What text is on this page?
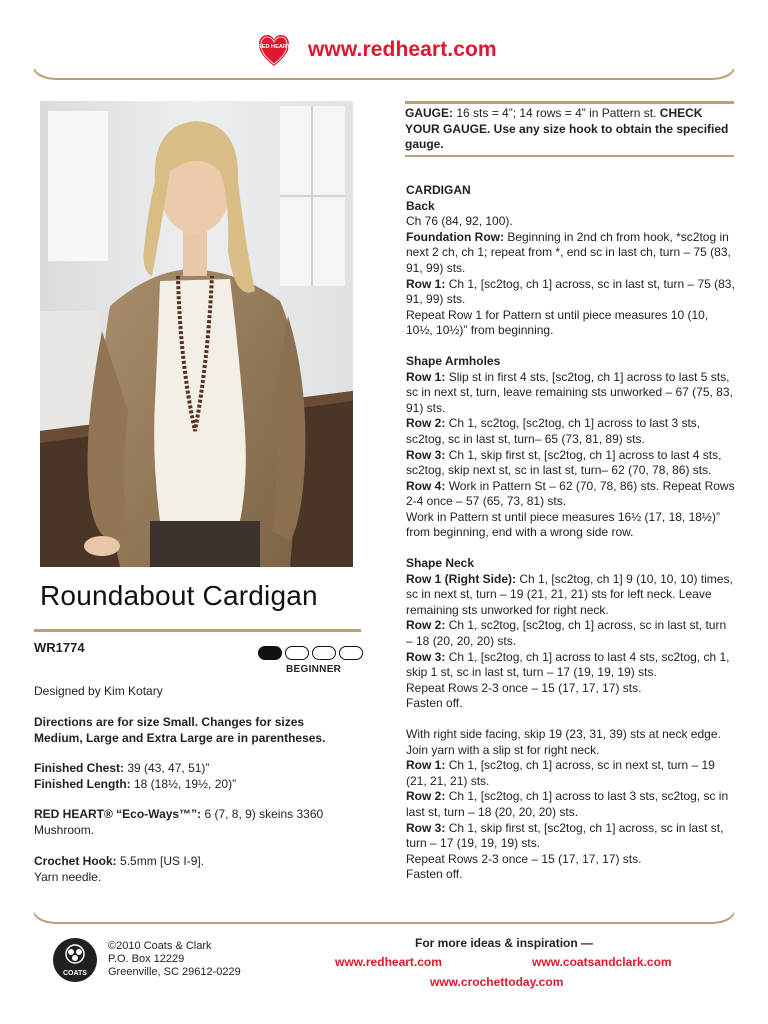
RED HEART www.redheart.com
Roundabout Cardigan
WR1774
BEGINNER
Designed by Kim Kotary
Directions are for size Small. Changes for sizes Medium, Large and Extra Large are in parentheses.
Finished Chest: 39 (43, 47, 51)”
Finished Length: 18 (18½, 19½, 20)”
RED HEART® “Eco-Ways™”: 6 (7, 8, 9) skeins 3360 Mushroom.
Crochet Hook: 5.5mm [US I-9].
Yarn needle.
GAUGE: 16 sts = 4”; 14 rows = 4” in Pattern st. CHECK YOUR GAUGE. Use any size hook to obtain the specified gauge.
CARDIGAN
Back
Ch 76 (84, 92, 100).
Foundation Row: Beginning in 2nd ch from hook, *sc2tog in next 2 ch, ch 1; repeat from *, end sc in last ch, turn – 75 (83, 91, 99) sts.
Row 1: Ch 1, [sc2tog, ch 1] across, sc in last st, turn – 75 (83, 91, 99) sts.
Repeat Row 1 for Pattern st until piece measures 10 (10, 10½, 10½)” from beginning.
Shape Armholes
Row 1: Slip st in first 4 sts, [sc2tog, ch 1] across to last 5 sts, sc in next st, turn, leave remaining sts unworked – 67 (75, 83, 91) sts.
Row 2: Ch 1, sc2tog, [sc2tog, ch 1] across to last 3 sts, sc2tog, sc in last st, turn– 65 (73, 81, 89) sts.
Row 3: Ch 1, skip first st, [sc2tog, ch 1] across to last 4 sts, sc2tog, skip next st, sc in last st, turn– 62 (70, 78, 86) sts.
Row 4: Work in Pattern St – 62 (70, 78, 86) sts. Repeat Rows 2-4 once – 57 (65, 73, 81) sts.
Work in Pattern st until piece measures 16½ (17, 18, 18½)” from beginning, end with a wrong side row.
Shape Neck
Row 1 (Right Side): Ch 1, [sc2tog, ch 1] 9 (10, 10, 10) times, sc in next st, turn – 19 (21, 21, 21) sts for left neck. Leave remaining sts unworked for right neck.
Row 2: Ch 1, sc2tog, [sc2tog, ch 1] across, sc in last st, turn – 18 (20, 20, 20) sts.
Row 3: Ch 1, [sc2tog, ch 1] across to last 4 sts, sc2tog, ch 1, skip 1 st, sc in last st, turn – 17 (19, 19, 19) sts.
Repeat Rows 2-3 once – 15 (17, 17, 17) sts.
Fasten off.
With right side facing, skip 19 (23, 31, 39) sts at neck edge. Join yarn with a slip st for right neck.
Row 1: Ch 1, [sc2tog, ch 1] across, sc in next st, turn – 19 (21, 21, 21) sts.
Row 2: Ch 1, [sc2tog, ch 1] across to last 3 sts, sc2tog, sc in last st, turn – 18 (20, 20, 20) sts.
Row 3: Ch 1, skip first st, [sc2tog, ch 1] across, sc in last st, turn – 17 (19, 19, 19) sts.
Repeat Rows 2-3 once – 15 (17, 17, 17) sts.
Fasten off.
COATS
©2010 Coats & Clark
P.O. Box 12229
Greenville, SC 29612-0229
For more ideas & inspiration —
www.redheart.com	www.coatsandclark.com
www.crochettoday.com
